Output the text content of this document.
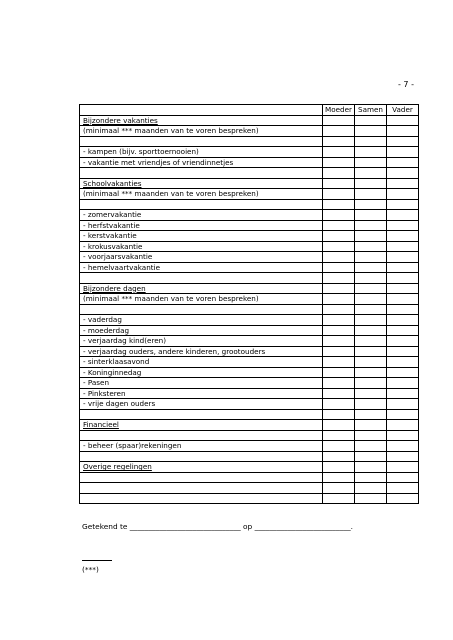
- 7 -
	Moeder	Samen	Vader
Bijzondere vakanties			
(minimaal *** maanden van te voren bespreken)			

- kampen (bijv. sporttoernooien)			
- vakantie met vriendjes of vriendinnetjes			

Schoolvakanties			
(minimaal *** maanden van te voren bespreken)			

- zomervakantie			
- herfstvakantie			
- kerstvakantie			
- krokusvakantie			
- voorjaarsvakantie			
- hemelvaartvakantie			

Bijzondere dagen			
(minimaal *** maanden van te voren bespreken)			

- vaderdag			
- moederdag			
- verjaardag kind(eren)			
- verjaardag ouders, andere kinderen, grootouders			
- sinterklaasavond			
- Koninginnedag			
- Pasen			
- Pinksteren			
- vrije dagen ouders			

Financieel			

- beheer (spaar)rekeningen			

Overige regelingen			

Getekend te ______________________________ op __________________________.
(***)
